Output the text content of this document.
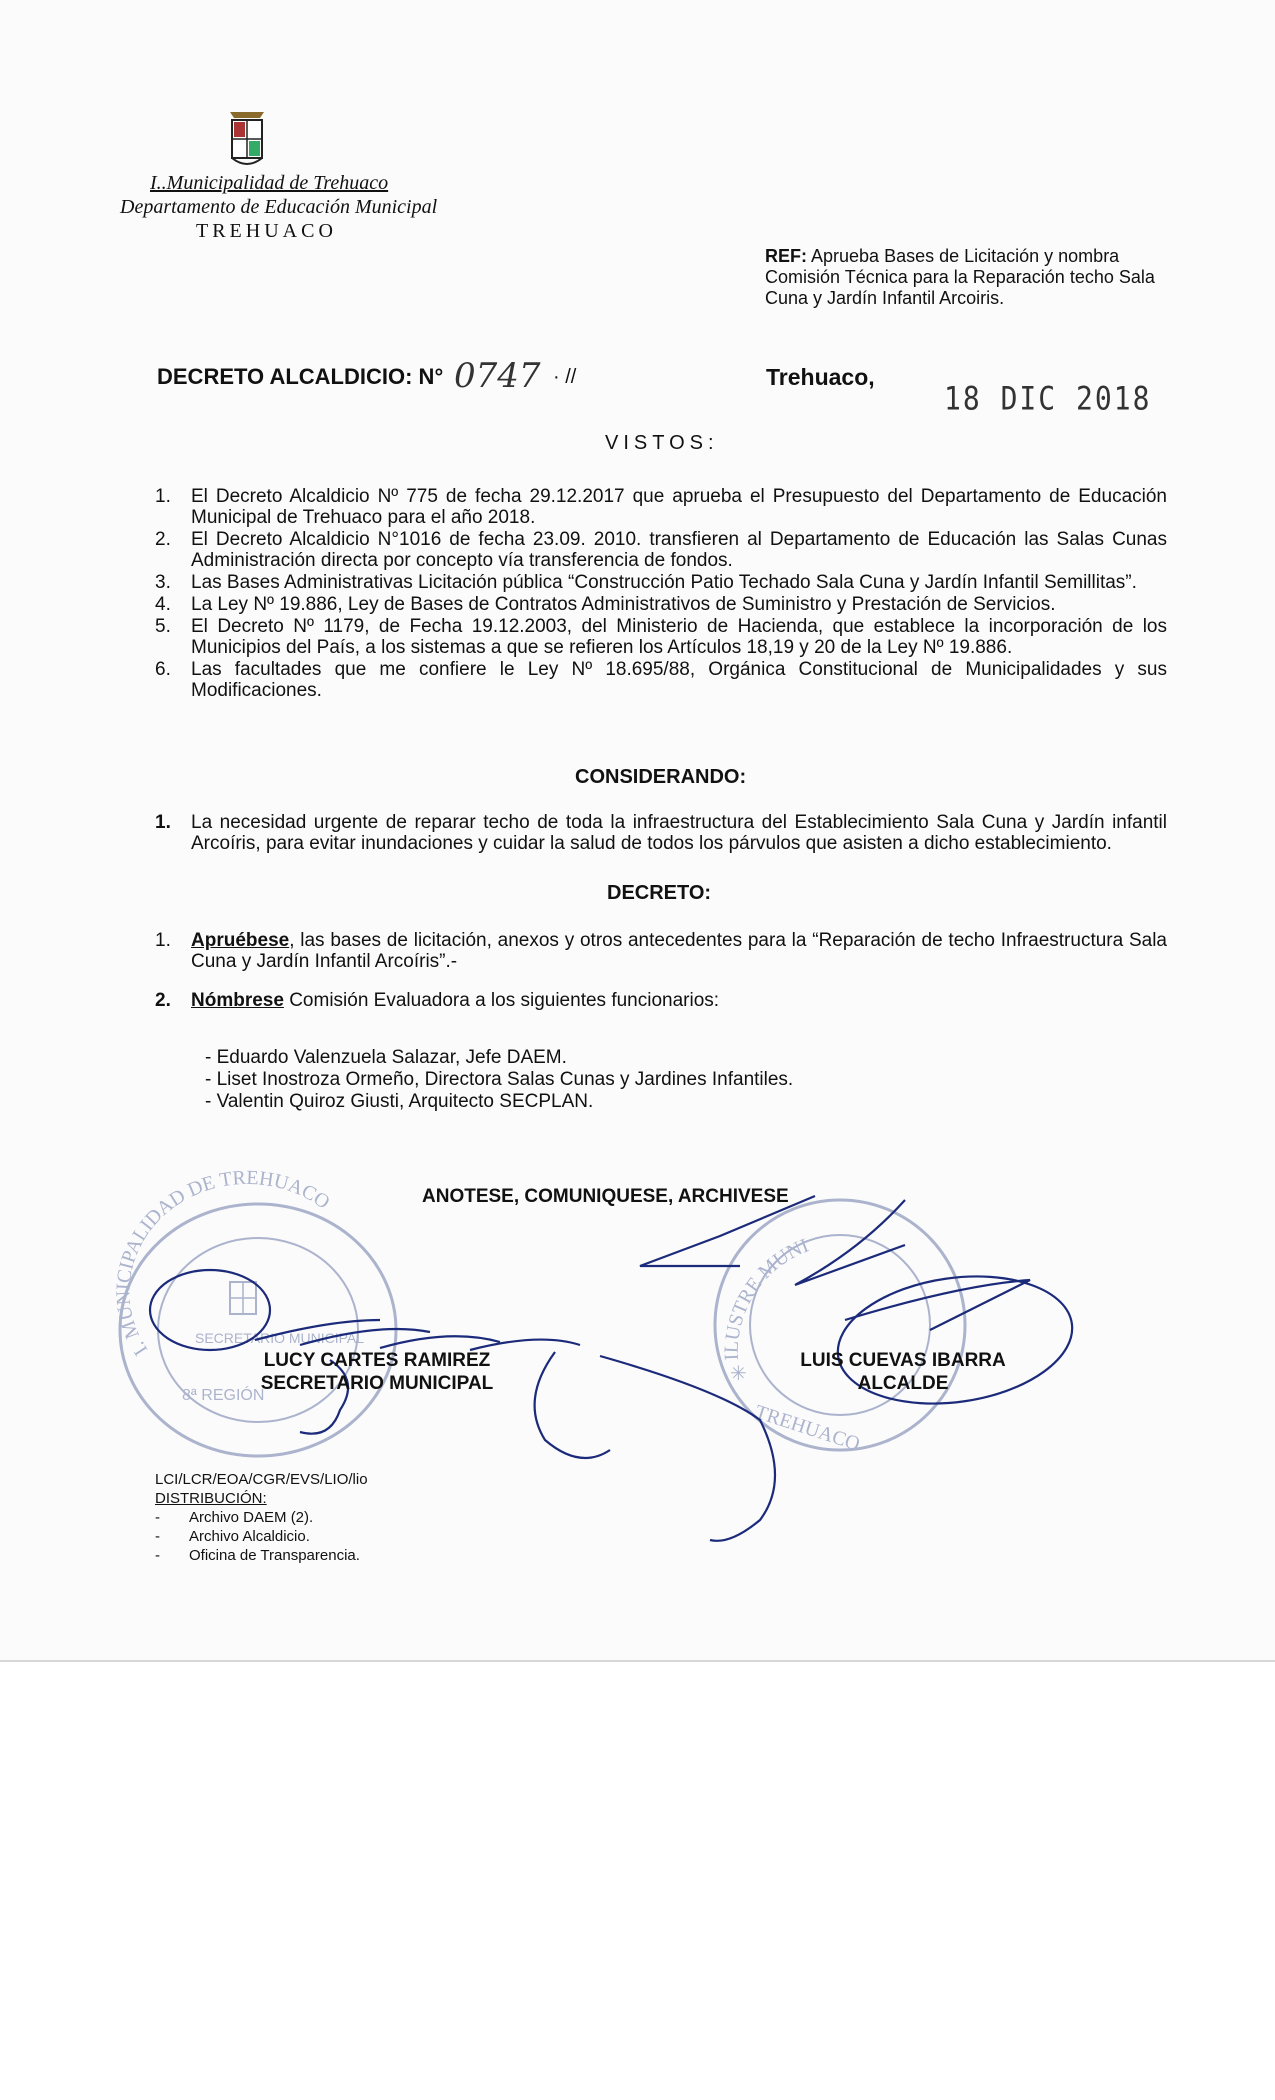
I..Municipalidad de Trehuaco
Departamento de Educación Municipal
TREHUACO
REF: Aprueba Bases de Licitación y nombra Comisión Técnica para la Reparación techo Sala Cuna y Jardín Infantil Arcoiris.
DECRETO ALCALDICIO: N° 0747 · //	Trehuaco,
18 DIC 2018
VISTOS:
1.	El Decreto Alcaldicio Nº 775 de fecha 29.12.2017 que aprueba el Presupuesto del Departamento de Educación Municipal de Trehuaco para el año 2018.
2.	El Decreto Alcaldicio N°1016 de fecha 23.09. 2010. transfieren al Departamento de Educación las Salas Cunas Administración directa por concepto vía transferencia de fondos.
3.	Las Bases Administrativas Licitación pública “Construcción Patio Techado Sala Cuna y Jardín Infantil Semillitas”.
4.	La Ley Nº 19.886, Ley de Bases de Contratos Administrativos de Suministro y Prestación de Servicios.
5.	El Decreto Nº 1179, de Fecha 19.12.2003, del Ministerio de Hacienda, que establece la incorporación de los Municipios del País, a los sistemas a que se refieren los Artículos 18,19 y 20 de la Ley Nº 19.886.
6.	Las facultades que me confiere le Ley Nº 18.695/88, Orgánica Constitucional de Municipalidades y sus Modificaciones.
CONSIDERANDO:
1.	La necesidad urgente de reparar techo de toda la infraestructura del Establecimiento Sala Cuna y Jardín infantil Arcoíris, para evitar inundaciones y cuidar la salud de todos los párvulos que asisten a dicho establecimiento.
DECRETO:
1.	Apruébese, las bases de licitación, anexos y otros antecedentes para la “Reparación de techo Infraestructura Sala Cuna y Jardín Infantil Arcoíris”.-
2.	Nómbrese Comisión Evaluadora a los siguientes funcionarios:
- Eduardo Valenzuela Salazar, Jefe DAEM.
- Liset Inostroza Ormeño, Directora Salas Cunas y Jardines Infantiles.
- Valentin Quiroz Giusti, Arquitecto SECPLAN.
ANOTESE, COMUNIQUESE, ARCHIVESE
I. MUNICIPALIDAD DE TREHUACO
SECRETARIO MUNICIPAL
8ª REGIÓN
ILUSTRE MUNI
TREHUACO
✳
LUCY CARTES RAMIREZ
SECRETARIO MUNICIPAL
LUIS CUEVAS IBARRA
ALCALDE
LCI/LCR/EOA/CGR/EVS/LIO/lio
DISTRIBUCIÓN:
-	Archivo DAEM (2).
-	Archivo Alcaldicio.
-	Oficina de Transparencia.
